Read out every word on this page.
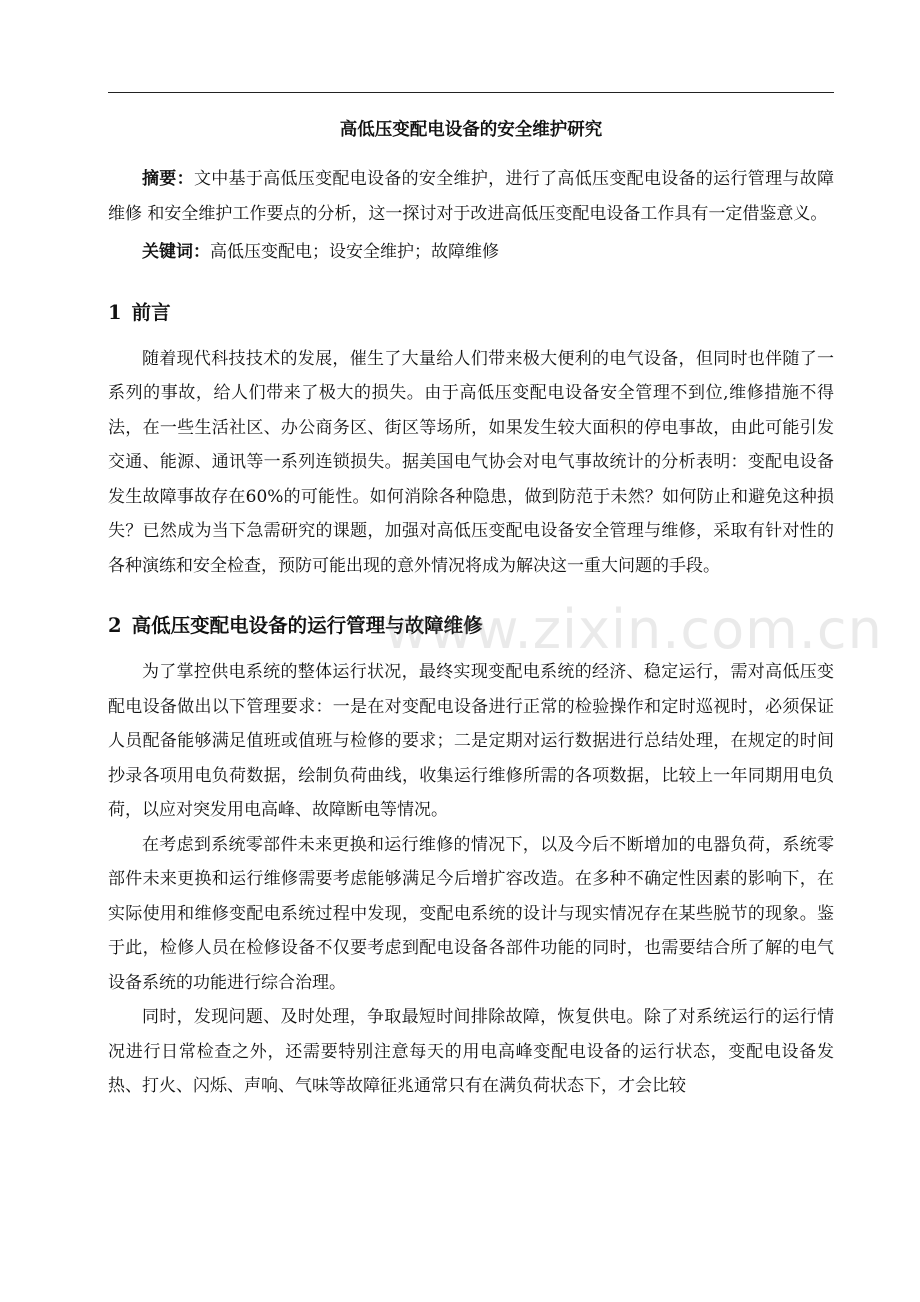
高低压变配电设备的安全维护研究

摘要：文中基于高低压变配电设备的安全维护，进行了高低压变配电设备的运行管理与故障维修 和安全维护工作要点的分析，这一探讨对于改进高低压变配电设备工作具有一定借鉴意义。

关键词：高低压变配电；设安全维护；故障维修

1 前言

随着现代科技技术的发展，催生了大量给人们带来极大便利的电气设备，但同时也伴随了一系列的事故，给人们带来了极大的损失。由于高低压变配电设备安全管理不到位,维修措施不得法，在一些生活社区、办公商务区、街区等场所，如果发生较大面积的停电事故，由此可能引发交通、能源、通讯等一系列连锁损失。据美国电气协会对电气事故统计的分析表明：变配电设备发生故障事故存在60%的可能性。如何消除各种隐患，做到防范于未然？如何防止和避免这种损失？已然成为当下急需研究的课题，加强对高低压变配电设备安全管理与维修，采取有针对性的各种演练和安全检查，预防可能出现的意外情况将成为解决这一重大问题的手段。

2 高低压变配电设备的运行管理与故障维修

为了掌控供电系统的整体运行状况，最终实现变配电系统的经济、稳定运行，需对高低压变配电设备做出以下管理要求：一是在对变配电设备进行正常的检验操作和定时巡视时，必须保证人员配备能够满足值班或值班与检修的要求；二是定期对运行数据进行总结处理，在规定的时间抄录各项用电负荷数据，绘制负荷曲线，收集运行维修所需的各项数据，比较上一年同期用电负荷，以应对突发用电高峰、故障断电等情况。

在考虑到系统零部件未来更换和运行维修的情况下，以及今后不断增加的电器负荷，系统零部件未来更换和运行维修需要考虑能够满足今后增扩容改造。在多种不确定性因素的影响下，在实际使用和维修变配电系统过程中发现，变配电系统的设计与现实情况存在某些脱节的现象。鉴于此，检修人员在检修设备不仅要考虑到配电设备各部件功能的同时，也需要结合所了解的电气设备系统的功能进行综合治理。

同时，发现问题、及时处理，争取最短时间排除故障，恢复供电。除了对系统运行的运行情况进行日常检查之外，还需要特别注意每天的用电高峰变配电设备的运行状态，变配电设备发热、打火、闪烁、声响、气味等故障征兆通常只有在满负荷状态下，才会比较

www.zixin.com.cn
